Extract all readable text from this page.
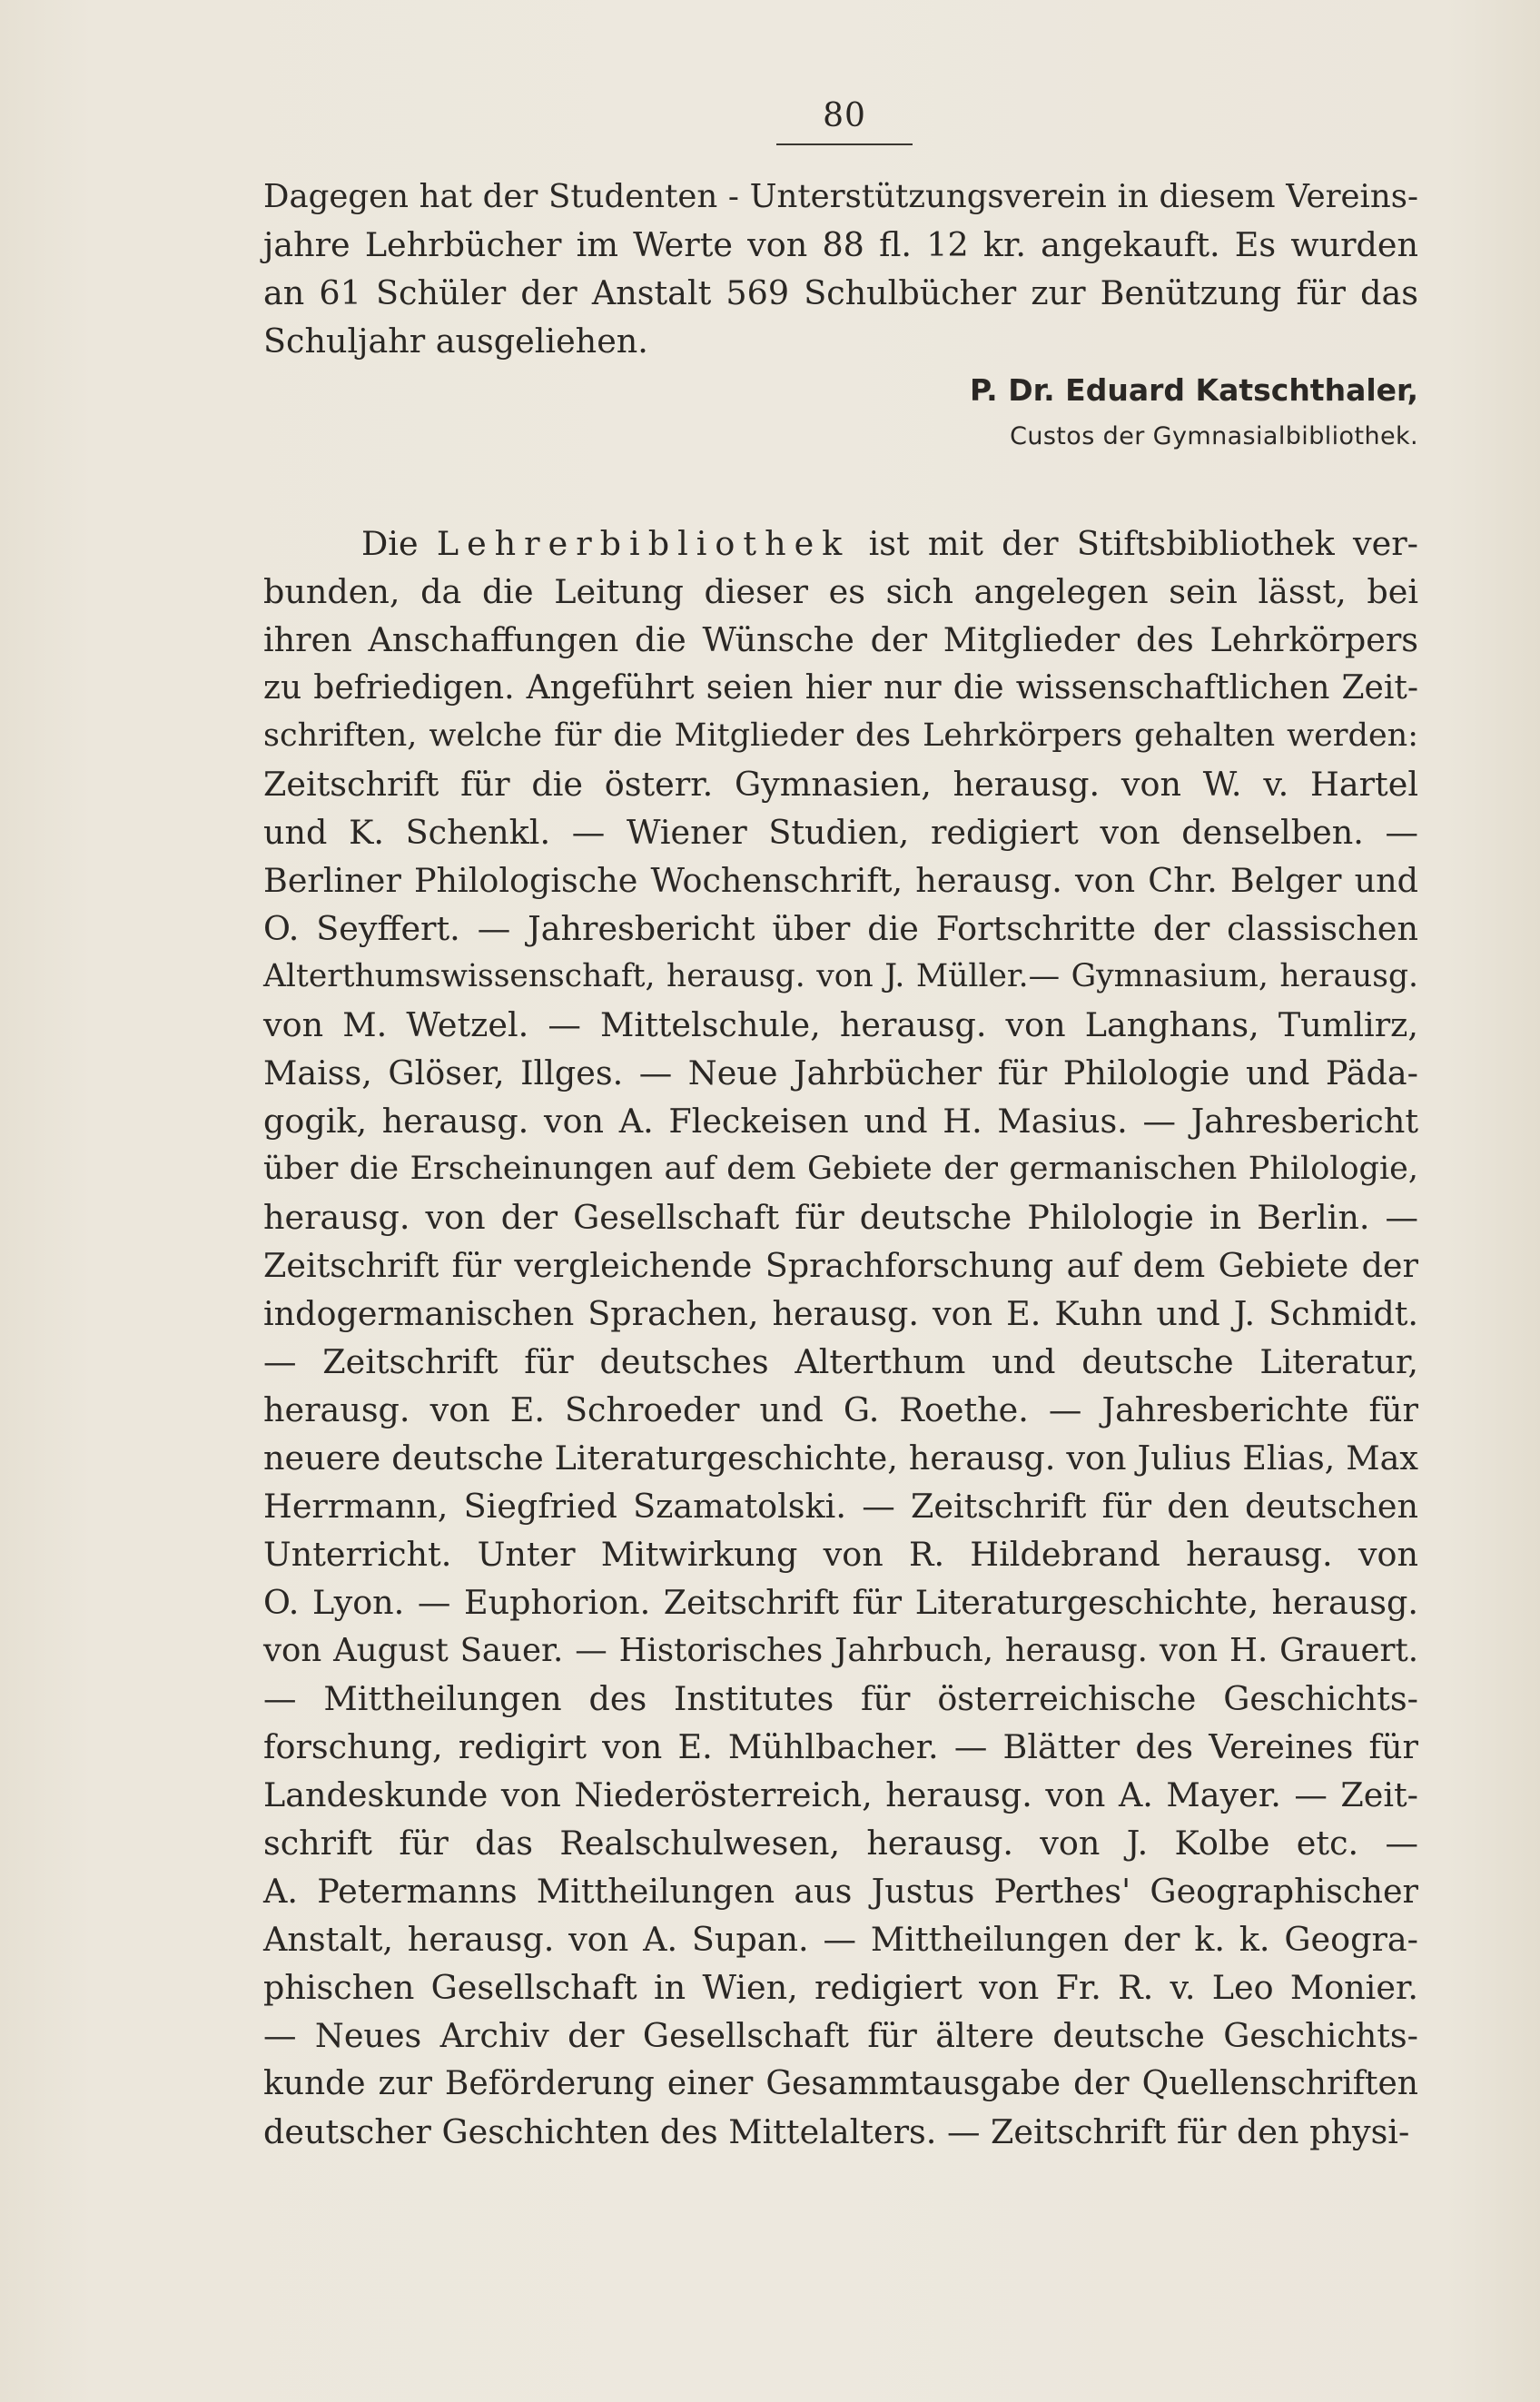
80
Dagegen hat der Studenten - Unterstützungsverein in diesem Vereins-
jahre Lehrbücher im Werte von 88 fl. 12 kr. angekauft. Es wurden
an 61 Schüler der Anstalt 569 Schulbücher zur Benützung für das
Schuljahr ausgeliehen.
P. Dr. Eduard Katschthaler,
Custos der Gymnasialbibliothek.
Die Lehrerbibliothek ist mit der Stiftsbibliothek ver-
bunden, da die Leitung dieser es sich angelegen sein lässt, bei
ihren Anschaffungen die Wünsche der Mitglieder des Lehrkörpers
zu befriedigen. Angeführt seien hier nur die wissenschaftlichen Zeit-
schriften, welche für die Mitglieder des Lehrkörpers gehalten werden:
Zeitschrift für die österr. Gymnasien, herausg. von W. v. Hartel
und K. Schenkl. — Wiener Studien, redigiert von denselben. —
Berliner Philologische Wochenschrift, herausg. von Chr. Belger und
O. Seyffert. — Jahresbericht über die Fortschritte der classischen
Alterthumswissenschaft, herausg. von J. Müller.— Gymnasium, herausg.
von M. Wetzel. — Mittelschule, herausg. von Langhans, Tumlirz,
Maiss, Glöser, Illges. — Neue Jahrbücher für Philologie und Päda-
gogik, herausg. von A. Fleckeisen und H. Masius. — Jahresbericht
über die Erscheinungen auf dem Gebiete der germanischen Philologie,
herausg. von der Gesellschaft für deutsche Philologie in Berlin. —
Zeitschrift für vergleichende Sprachforschung auf dem Gebiete der
indogermanischen Sprachen, herausg. von E. Kuhn und J. Schmidt.
— Zeitschrift für deutsches Alterthum und deutsche Literatur,
herausg. von E. Schroeder und G. Roethe. — Jahresberichte für
neuere deutsche Literaturgeschichte, herausg. von Julius Elias, Max
Herrmann, Siegfried Szamatolski. — Zeitschrift für den deutschen
Unterricht. Unter Mitwirkung von R. Hildebrand herausg. von
O. Lyon. — Euphorion. Zeitschrift für Literaturgeschichte, herausg.
von August Sauer. — Historisches Jahrbuch, herausg. von H. Grauert.
— Mittheilungen des Institutes für österreichische Geschichts-
forschung, redigirt von E. Mühlbacher. — Blätter des Vereines für
Landeskunde von Niederösterreich, herausg. von A. Mayer. — Zeit-
schrift für das Realschulwesen, herausg. von J. Kolbe etc. —
A. Petermanns Mittheilungen aus Justus Perthes' Geographischer
Anstalt, herausg. von A. Supan. — Mittheilungen der k. k. Geogra-
phischen Gesellschaft in Wien, redigiert von Fr. R. v. Leo Monier.
— Neues Archiv der Gesellschaft für ältere deutsche Geschichts-
kunde zur Beförderung einer Gesammtausgabe der Quellenschriften
deutscher Geschichten des Mittelalters. — Zeitschrift für den physi-
